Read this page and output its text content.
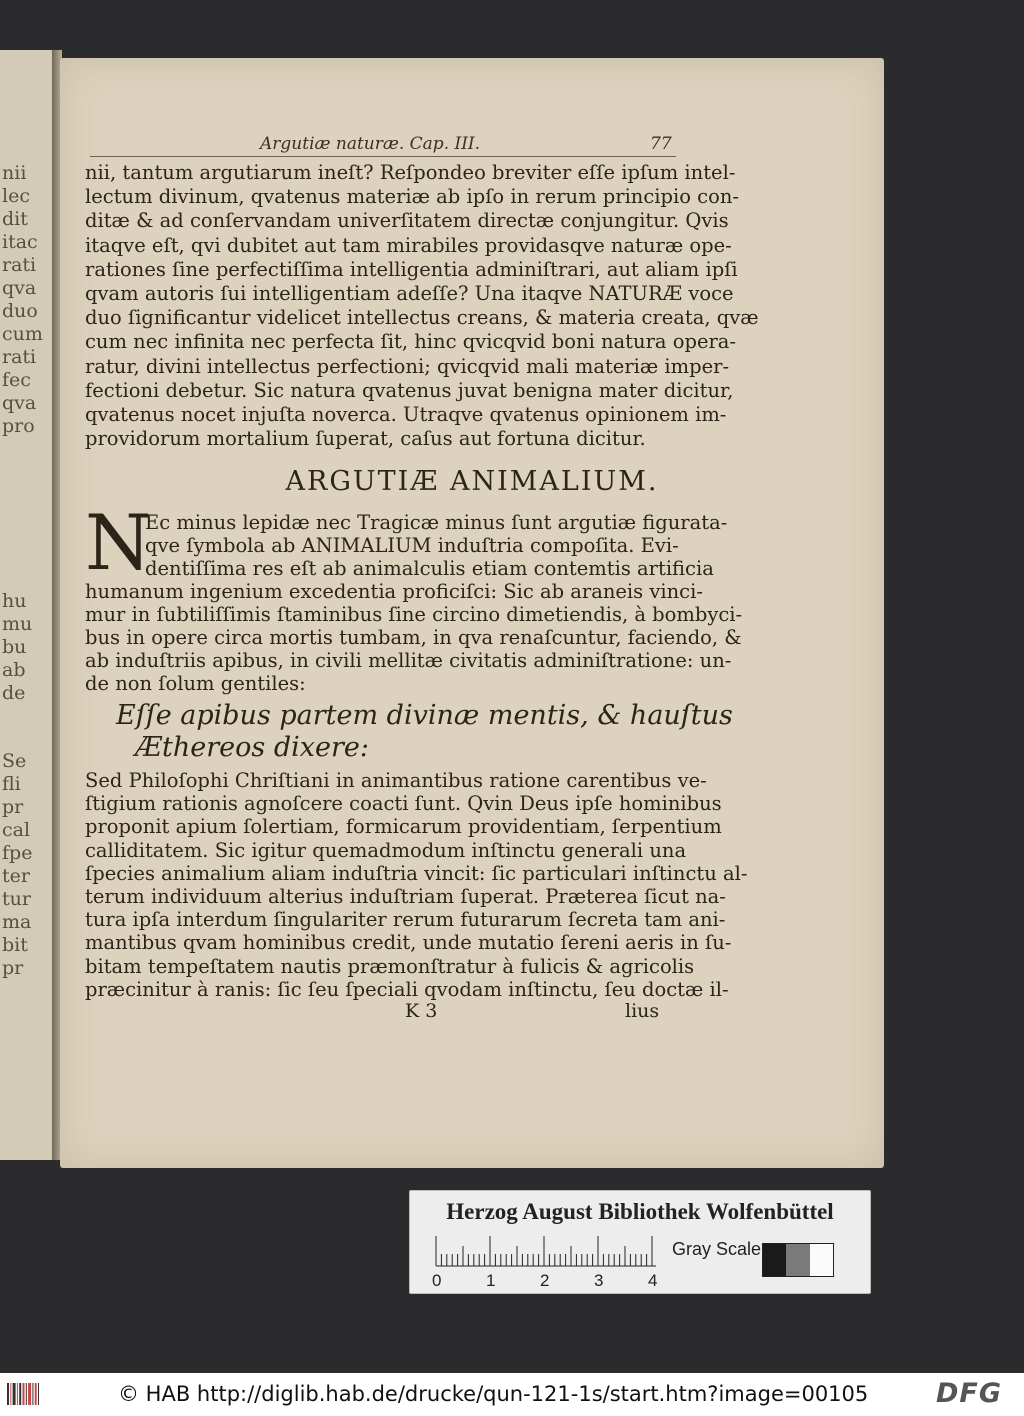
nii
lec
dit
itac
rati
qva
duo
cum
rati
fec
qva
pro
hu
mu
bu
ab
de
Se
fli
pr
cal
fpe
ter
tur
ma
bit
pr
Argutiæ naturæ. Cap. III.	77
nii, tantum argutiarum ineſt? Reſpondeo breviter eſſe ipſum intel-
lectum divinum, qvatenus materiæ ab ipſo in rerum principio con-
ditæ & ad conſervandam univerſitatem directæ conjungitur. Qvis
itaqve eſt, qvi dubitet aut tam mirabiles providasqve naturæ ope-
rationes ſine perfectiſſima intelligentia adminiſtrari, aut aliam ipſi
qvam autoris ſui intelligentiam adeſſe? Una itaqve NATURÆ voce
duo ſignificantur videlicet intellectus creans, & materia creata, qvæ
cum nec infinita nec perfecta ſit, hinc qvicqvid boni natura opera-
ratur, divini intellectus perfectioni; qvicqvid mali materiæ imper-
fectioni debetur. Sic natura qvatenus juvat benigna mater dicitur,
qvatenus nocet injuſta noverca. Utraqve qvatenus opinionem im-
providorum mortalium ſuperat, caſus aut fortuna dicitur.
ARGUTIÆ ANIMALIUM.
N
Ec minus lepidæ nec Tragicæ minus ſunt argutiæ figurata-
qve ſymbola ab ANIMALIUM induſtria compoſita. Evi-
dentiſſima res eſt ab animalculis etiam contemtis artificia
humanum ingenium excedentia proficiſci: Sic ab araneis vinci-
mur in ſubtiliſſimis ſtaminibus ſine circino dimetiendis, à bombyci-
bus in opere circa mortis tumbam, in qva renaſcuntur, faciendo, &
ab induſtriis apibus, in civili mellitæ civitatis adminiſtratione: un-
de non ſolum gentiles:
Eſſe apibus partem divinæ mentis, & hauſtus
Æthereos dixere:
Sed Philoſophi Chriſtiani in animantibus ratione carentibus ve-
ſtigium rationis agnoſcere coacti ſunt. Qvin Deus ipſe hominibus
proponit apium ſolertiam, formicarum providentiam, ſerpentium
calliditatem. Sic igitur quemadmodum inſtinctu generali una
ſpecies animalium aliam induſtria vincit: ſic particulari inſtinctu al-
terum individuum alterius induſtriam ſuperat. Præterea ſicut na-
tura ipſa interdum ſingulariter rerum futurarum ſecreta tam ani-
mantibus qvam hominibus credit, unde mutatio ſereni aeris in ſu-
bitam tempeſtatem nautis præmonſtratur à fulicis & agricolis
præcinitur à ranis: ſic ſeu ſpeciali qvodam inſtinctu, ſeu doctæ il-
K 3	lius
Herzog August Bibliothek Wolfenbüttel
0	1	2	3	4
Gray Scale
© HAB http://diglib.hab.de/drucke/qun-121-1s/start.htm?image=00105	DFG
